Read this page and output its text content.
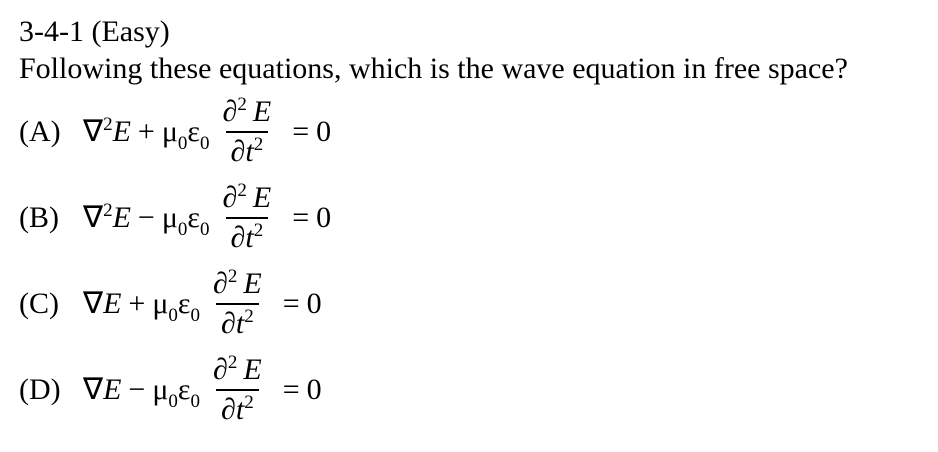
3-4-1 (Easy)
Following these equations, which is the wave equation in free space?
(A) $\nabla 2E + \mu 0\varepsilon 0 \frac{\partial 2 E}{\partial t2} = 0$
(B) $\nabla 2E - \mu 0\varepsilon 0 \frac{\partial 2 E}{\partial t2} = 0$
(C) $\nabla E + \mu 0\varepsilon 0 \frac{\partial 2 E}{\partial t2} = 0$
(D) $\nabla E - \mu 0\varepsilon 0 \frac{\partial 2 E}{\partial t2} = 0$
